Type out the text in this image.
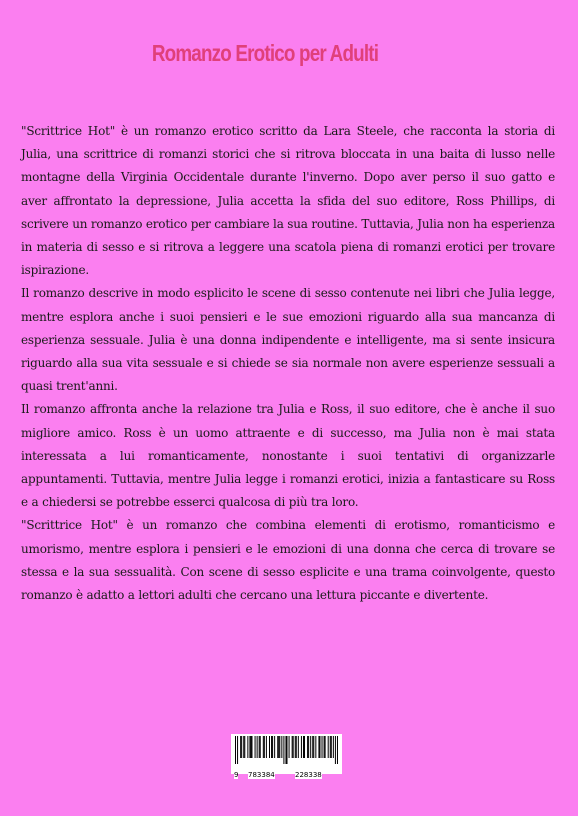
Romanzo Erotico per Adulti

"Scrittrice Hot" è un romanzo erotico scritto da Lara Steele, che racconta la storia di Julia, una scrittrice di romanzi storici che si ritrova bloccata in una baita di lusso nelle montagne della Virginia Occidentale durante l'inverno. Dopo aver perso il suo gatto e aver affrontato la depressione, Julia accetta la sfida del suo editore, Ross Phillips, di scrivere un romanzo erotico per cambiare la sua routine. Tuttavia, Julia non ha esperienza in materia di sesso e si ritrova a leggere una scatola piena di romanzi erotici per trovare ispirazione.

Il romanzo descrive in modo esplicito le scene di sesso contenute nei libri che Julia legge, mentre esplora anche i suoi pensieri e le sue emozioni riguardo alla sua mancanza di esperienza sessuale. Julia è una donna indipendente e intelligente, ma si sente insicura riguardo alla sua vita sessuale e si chiede se sia normale non avere esperienze sessuali a quasi trent'anni.

Il romanzo affronta anche la relazione tra Julia e Ross, il suo editore, che è anche il suo migliore amico. Ross è un uomo attraente e di successo, ma Julia non è mai stata interessata a lui romanticamente, nonostante i suoi tentativi di organizzarle appuntamenti. Tuttavia, mentre Julia legge i romanzi erotici, inizia a fantasticare su Ross e a chiedersi se potrebbe esserci qualcosa di più tra loro.

"Scrittrice Hot" è un romanzo che combina elementi di erotismo, romanticismo e umorismo, mentre esplora i pensieri e le emozioni di una donna che cerca di trovare se stessa e la sua sessualità. Con scene di sesso esplicite e una trama coinvolgente, questo romanzo è adatto a lettori adulti che cercano una lettura piccante e divertente.

9 783384	228338
